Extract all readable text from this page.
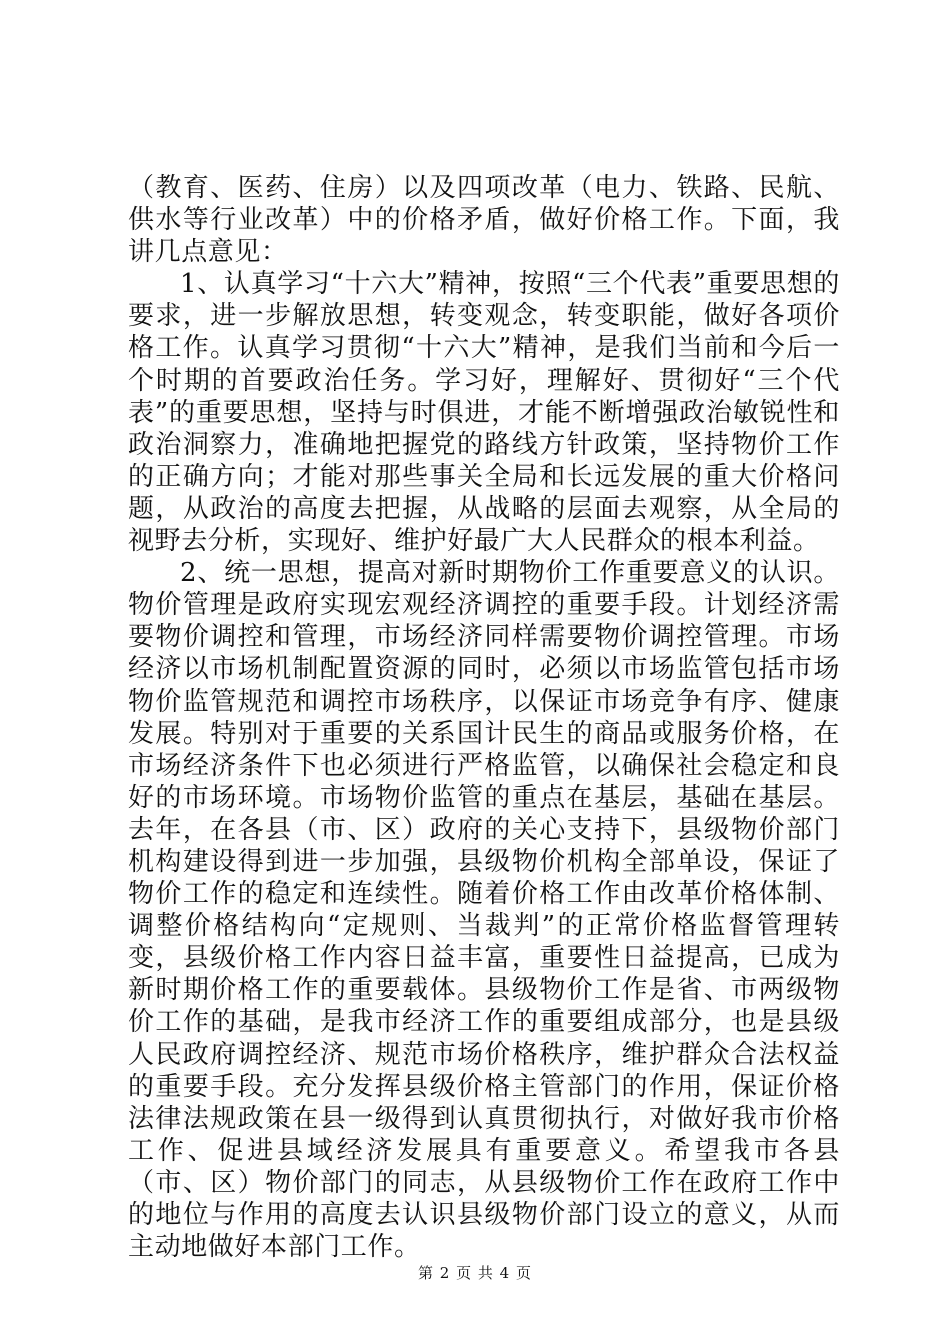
（教育、医药、住房）以及四项改革（电力、铁路、民航、供水等行业改革）中的价格矛盾，做好价格工作。下面，我讲几点意见：

1、认真学习“十六大”精神，按照“三个代表”重要思想的要求，进一步解放思想，转变观念，转变职能，做好各项价格工作。认真学习贯彻“十六大”精神，是我们当前和今后一个时期的首要政治任务。学习好，理解好、贯彻好“三个代表”的重要思想，坚持与时俱进，才能不断增强政治敏锐性和政治洞察力，准确地把握党的路线方针政策，坚持物价工作的正确方向；才能对那些事关全局和长远发展的重大价格问题，从政治的高度去把握，从战略的层面去观察，从全局的视野去分析，实现好、维护好最广大人民群众的根本利益。

2、统一思想，提高对新时期物价工作重要意义的认识。物价管理是政府实现宏观经济调控的重要手段。计划经济需要物价调控和管理，市场经济同样需要物价调控管理。市场经济以市场机制配置资源的同时，必须以市场监管包括市场物价监管规范和调控市场秩序，以保证市场竞争有序、健康发展。特别对于重要的关系国计民生的商品或服务价格，在市场经济条件下也必须进行严格监管，以确保社会稳定和良好的市场环境。市场物价监管的重点在基层，基础在基层。去年，在各县（市、区）政府的关心支持下，县级物价部门机构建设得到进一步加强，县级物价机构全部单设，保证了物价工作的稳定和连续性。随着价格工作由改革价格体制、调整价格结构向“定规则、当裁判”的正常价格监督管理转变，县级价格工作内容日益丰富，重要性日益提高，已成为新时期价格工作的重要载体。县级物价工作是省、市两级物价工作的基础，是我市经济工作的重要组成部分，也是县级人民政府调控经济、规范市场价格秩序，维护群众合法权益的重要手段。充分发挥县级价格主管部门的作用，保证价格法律法规政策在县一级得到认真贯彻执行，对做好我市价格工作、促进县域经济发展具有重要意义。希望我市各县（市、区）物价部门的同志，从县级物价工作在政府工作中的地位与作用的高度去认识县级物价部门设立的意义，从而主动地做好本部门工作。

第 2 页 共 4 页
